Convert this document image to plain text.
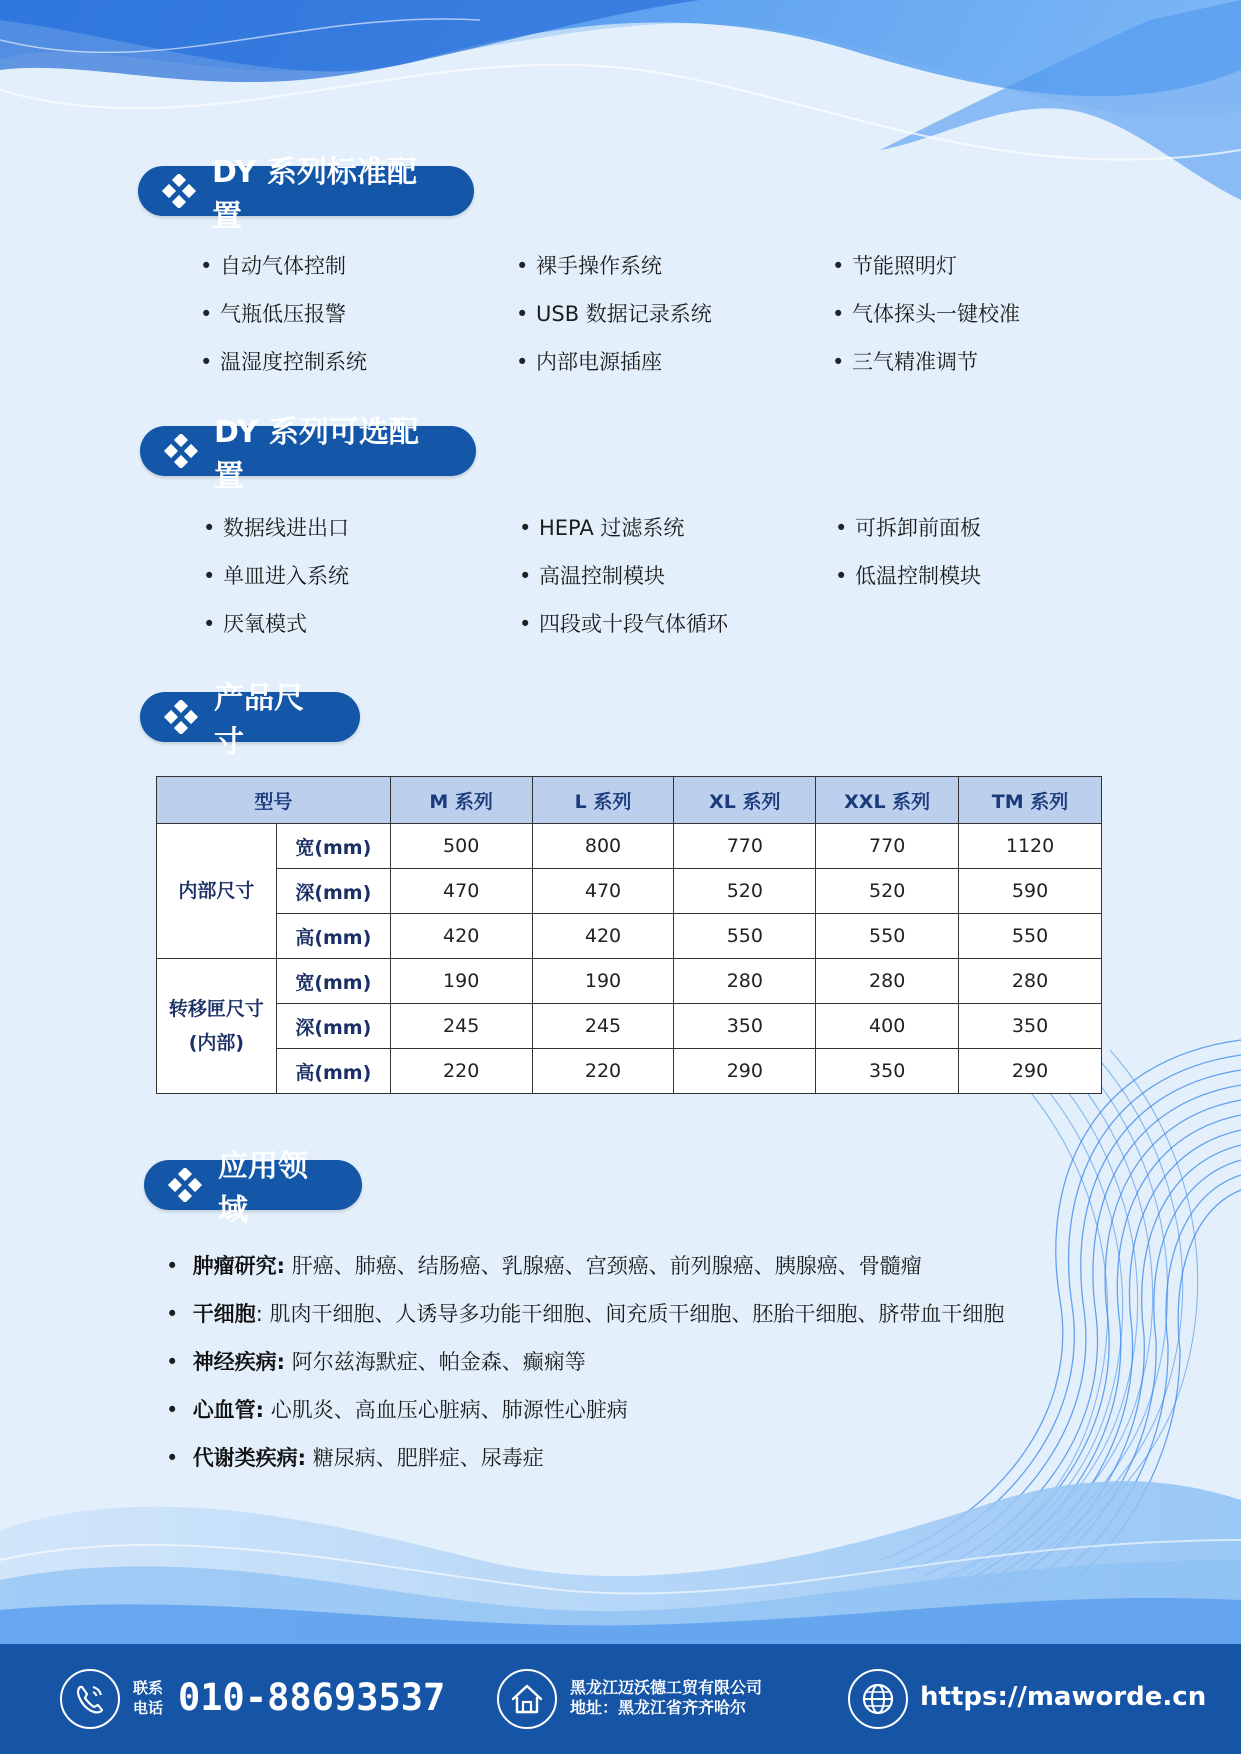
DY 系列标准配置
• 自动气体控制	• 裸手操作系统	• 节能照明灯
• 气瓶低压报警	• USB 数据记录系统	• 气体探头一键校准
• 温湿度控制系统	• 内部电源插座	• 三气精准调节
DY 系列可选配置
• 数据线进出口	• HEPA 过滤系统	• 可拆卸前面板
• 单皿进入系统	• 高温控制模块	• 低温控制模块
• 厌氧模式	• 四段或十段气体循环
产品尺寸
型号		M 系列	L 系列	XL 系列	XXL 系列	TM 系列

内部尺寸	宽(mm)	500	800	770	770	1120
	深(mm)	470	470	520	520	590
	高(mm)	420	420	550	550	550

转移匣尺寸
(内部)	宽(mm)	190	190	280	280	280
	深(mm)	245	245	350	400	350
	高(mm)	220	220	290	350	290
应用领域
• 肿瘤研究: 肝癌、肺癌、结肠癌、乳腺癌、宫颈癌、前列腺癌、胰腺癌、骨髓瘤
• 干细胞: 肌肉干细胞、人诱导多功能干细胞、间充质干细胞、胚胎干细胞、脐带血干细胞
• 神经疾病: 阿尔兹海默症、帕金森、癫痫等
• 心血管: 心肌炎、高血压心脏病、肺源性心脏病
• 代谢类疾病: 糖尿病、肥胖症、尿毒症
联系
电话 010-88693537	黑龙江迈沃德工贸有限公司
地址：黑龙江省齐齐哈尔	https://maworde.cn
